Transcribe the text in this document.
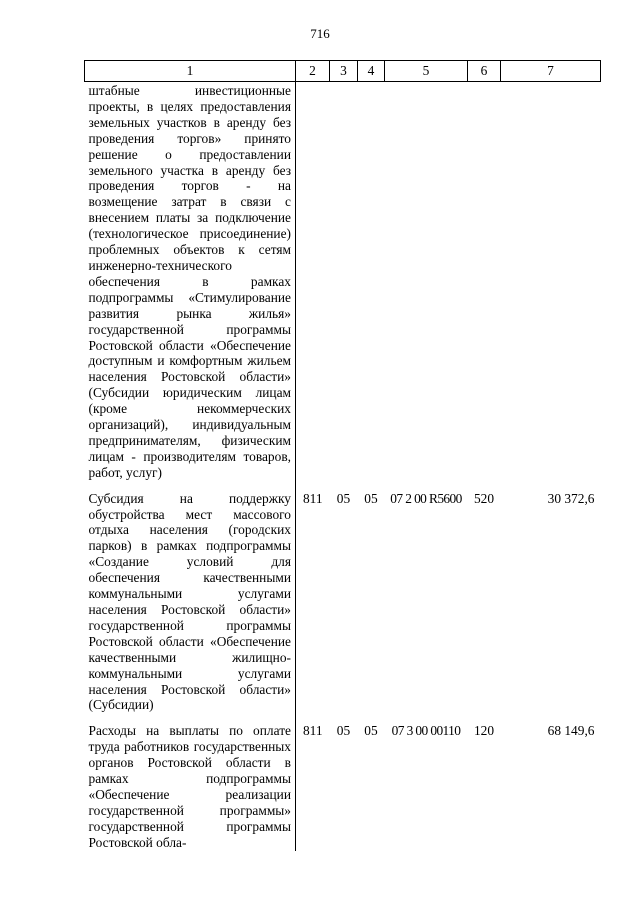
716
1	2	3	4	5	6	7
штабные инвестиционные проекты, в целях предоставления земельных участков в аренду без проведения торгов» принято решение о предоставлении земельного участка в аренду без проведения торгов - на возмещение затрат в связи с внесением платы за подключение (технологическое присоединение) проблемных объектов к сетям инженерно-технического обеспечения в рамках подпрограммы «Стимулирование развития рынка жилья» государственной программы Ростовской области «Обеспечение доступным и комфортным жильем населения Ростовской области» (Субсидии юридическим лицам (кроме некоммерческих организаций), индивидуальным предпринимателям, физическим лицам - производителям товаров, работ, услуг)						
Субсидия на поддержку обустройства мест массового отдыха населения (городских парков) в рамках подпрограммы «Создание условий для обеспечения качественными коммунальными услугами населения Ростовской области» государственной программы Ростовской области «Обеспечение качественными жилищно-коммунальными услугами населения Ростовской области» (Субсидии)	811	05	05	07 2 00 R5600	520	30 372,6
Расходы на выплаты по оплате труда работников государственных органов Ростовской области в рамках подпрограммы «Обеспечение реализации государственной программы» государственной программы Ростовской обла-	811	05	05	07 3 00 00110	120	68 149,6
